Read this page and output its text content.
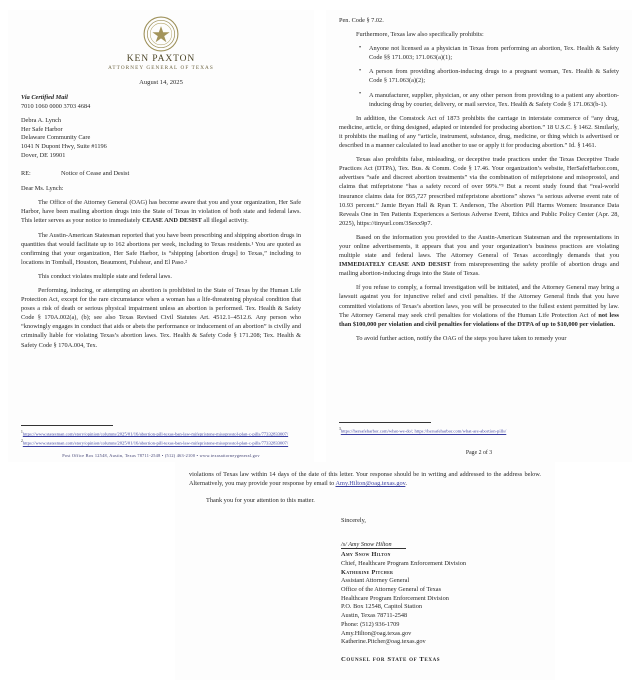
KEN PAXTON
ATTORNEY GENERAL OF TEXAS
August 14, 2025
Via Certified Mail
7010 1060 0000 3703 4684
Debra A. Lynch
Her Safe Harbor
Delaware Community Care
1041 N Dupont Hwy, Suite #1196
Dover, DE 19901
RE:	Notice of Cease and Desist

Dear Ms. Lynch:

The Office of the Attorney General (OAG) has become aware that you and your organization, Her Safe Harbor, have been mailing abortion drugs into the State of Texas in violation of both state and federal laws. This letter serves as your notice to immediately CEASE AND DESIST all illegal activity.

The Austin-American Statesman reported that you have been prescribing and shipping abortion drugs in quantities that would facilitate up to 162 abortions per week, including to Texas residents.¹ You are quoted as confirming that your organization, Her Safe Harbor, is “shipping [abortion drugs] to Texas,” including to locations in Tomball, Houston, Beaumont, Fulshear, and El Paso.²

This conduct violates multiple state and federal laws.

Performing, inducing, or attempting an abortion is prohibited in the State of Texas by the Human Life Protection Act, except for the rare circumstance when a woman has a life-threatening physical condition that poses a risk of death or serious physical impairment unless an abortion is performed. Tex. Health & Safety Code § 170A.002(a), (b); see also Texas Revised Civil Statutes Art. 4512.1–4512.6. Any person who “knowingly engages in conduct that aids or abets the performance or inducement of an abortion” is civilly and criminally liable for violating Texas’s abortion laws. Tex. Health & Safety Code § 171.208; Tex. Health & Safety Code § 170A.004, Tex.

$^1$https://www.statesman.com/story/opinion/columns/2025/01/16/abortion-pill-texas-ban-law-mifepristone-misoprostol-plan-c-pills/77332833007/
$^2$https://www.statesman.com/story/opinion/columns/2025/01/16/abortion-pill-texas-ban-law-mifepristone-misoprostol-plan-c-pills/77332833007/
Post Office Box 12548, Austin, Texas 78711-2548 • (512) 463-2100 • www.texasattorneygeneral.gov

Pen. Code § 7.02.

Furthermore, Texas law also specifically prohibits:

• Anyone not licensed as a physician in Texas from performing an abortion, Tex. Health & Safety Code §§ 171.003; 171.063(a)(1);
• A person from providing abortion-inducing drugs to a pregnant woman, Tex. Health & Safety Code § 171.063(a)(2);
• A manufacturer, supplier, physician, or any other person from providing to a patient any abortion-inducing drug by courier, delivery, or mail service, Tex. Health & Safety Code § 171.063(b-1).

In addition, the Comstock Act of 1873 prohibits the carriage in interstate commerce of “any drug, medicine, article, or thing designed, adapted or intended for producing abortion.” 18 U.S.C. § 1462. Similarly, it prohibits the mailing of any “article, instrument, substance, drug, medicine, or thing which is advertised or described in a manner calculated to lead another to use or apply it for producing abortion.” Id. § 1461.

Texas also prohibits false, misleading, or deceptive trade practices under the Texas Deceptive Trade Practices Act (DTPA), Tex. Bus. & Comm. Code § 17.46. Your organization’s website, HerSafeHarbor.com, advertises “safe and discreet abortion treatments” via the combination of mifepristone and misoprostol, and claims that mifepristone “has a safety record of over 99%.”³ But a recent study found that “real-world insurance claims data for 865,727 prescribed mifepristone abortions” shows “a serious adverse event rate of 10.93 percent.” Jamie Bryan Hall & Ryan T. Anderson, The Abortion Pill Harms Women: Insurance Data Reveals One in Ten Patients Experiences a Serious Adverse Event, Ethics and Public Policy Center (Apr. 28, 2025), https://tinyurl.com/3Sexx9p7.

Based on the information you provided to the Austin-American Statesman and the representations in your online advertisements, it appears that you and your organization’s business practices are violating multiple state and federal laws. The Attorney General of Texas accordingly demands that you IMMEDIATELY CEASE AND DESIST from misrepresenting the safety profile of abortion drugs and mailing abortion-inducing drugs into the State of Texas.

If you refuse to comply, a formal investigation will be initiated, and the Attorney General may bring a lawsuit against you for injunctive relief and civil penalties. If the Attorney General finds that you have committed violations of Texas’s abortion laws, you will be prosecuted to the fullest extent permitted by law. The Attorney General may seek civil penalties for violations of the Human Life Protection Act of not less than $100,000 per violation and civil penalties for violations of the DTPA of up to $10,000 per violation.

To avoid further action, notify the OAG of the steps you have taken to remedy your

$^3$https://hersafeharbor.com/what-we-do/; https://hersafeharbor.com/what-are-abortion-pills/
Page 2 of 3

violations of Texas law within 14 days of the date of this letter. Your response should be in writing and addressed to the address below. Alternatively, you may provide your response by email to Amy.Hilton@oag.texas.gov.

Thank you for your attention to this matter.

Sincerely,
/s/ Amy Snow Hilton
Amy Snow Hilton
Chief, Healthcare Program Enforcement Division
Katherine Pitcher
Assistant Attorney General
Office of the Attorney General of Texas
Healthcare Program Enforcement Division
P.O. Box 12548, Capitol Station
Austin, Texas 78711-2548
Phone: (512) 936-1709
Amy.Hilton@oag.texas.gov
Katherine.Pitcher@oag.texas.gov
Counsel for State of Texas
